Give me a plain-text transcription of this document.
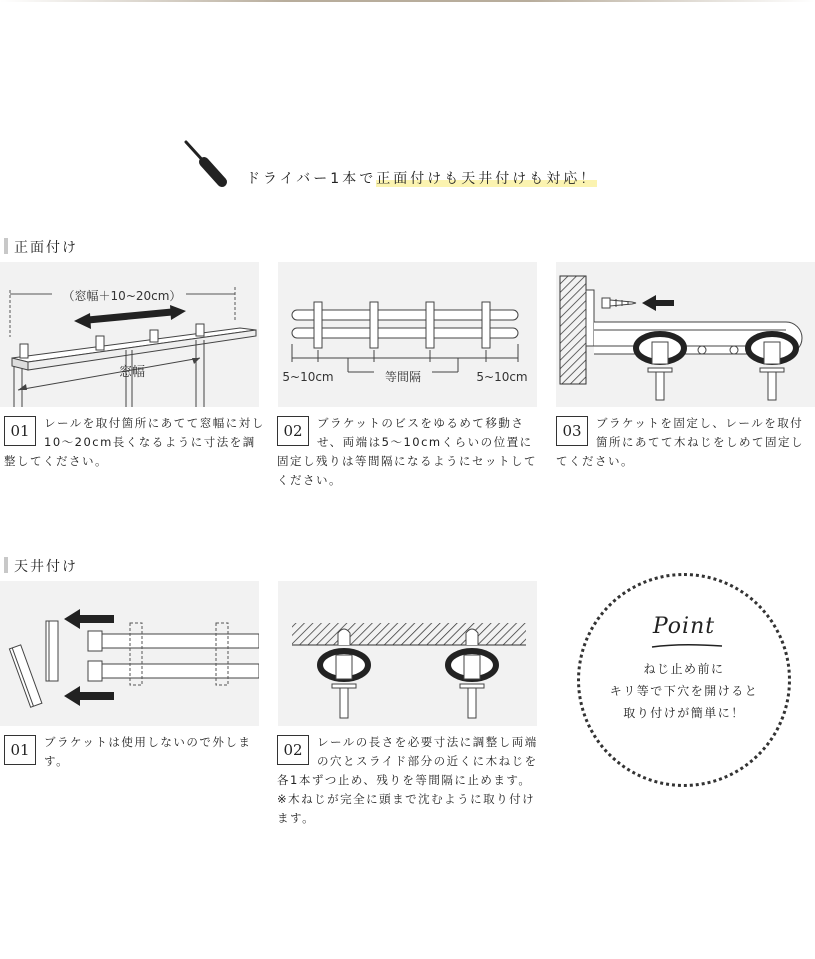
ドライバー1本で正面付けも天井付けも対応！
正面付け
（窓幅＋10~20cm）
窓幅	5~10cm	等間隔	5~10cm
01	レールを取付箇所にあてて窓幅に対し10〜20cm長くなるように寸法を調整してください。
02	ブラケットのビスをゆるめて移動させ、両端は5〜10cmくらいの位置に固定し残りは等間隔になるようにセットしてください。
03	ブラケットを固定し、レールを取付箇所にあてて木ねじをしめて固定してください。
天井付け
01	ブラケットは使用しないので外します。
02	レールの長さを必要寸法に調整し両端の穴とスライド部分の近くに木ねじを各1本ずつ止め、残りを等間隔に止めます。※木ねじが完全に頭まで沈むように取り付けます。
Point
ねじ止め前に
キリ等で下穴を開けると
取り付けが簡単に！
